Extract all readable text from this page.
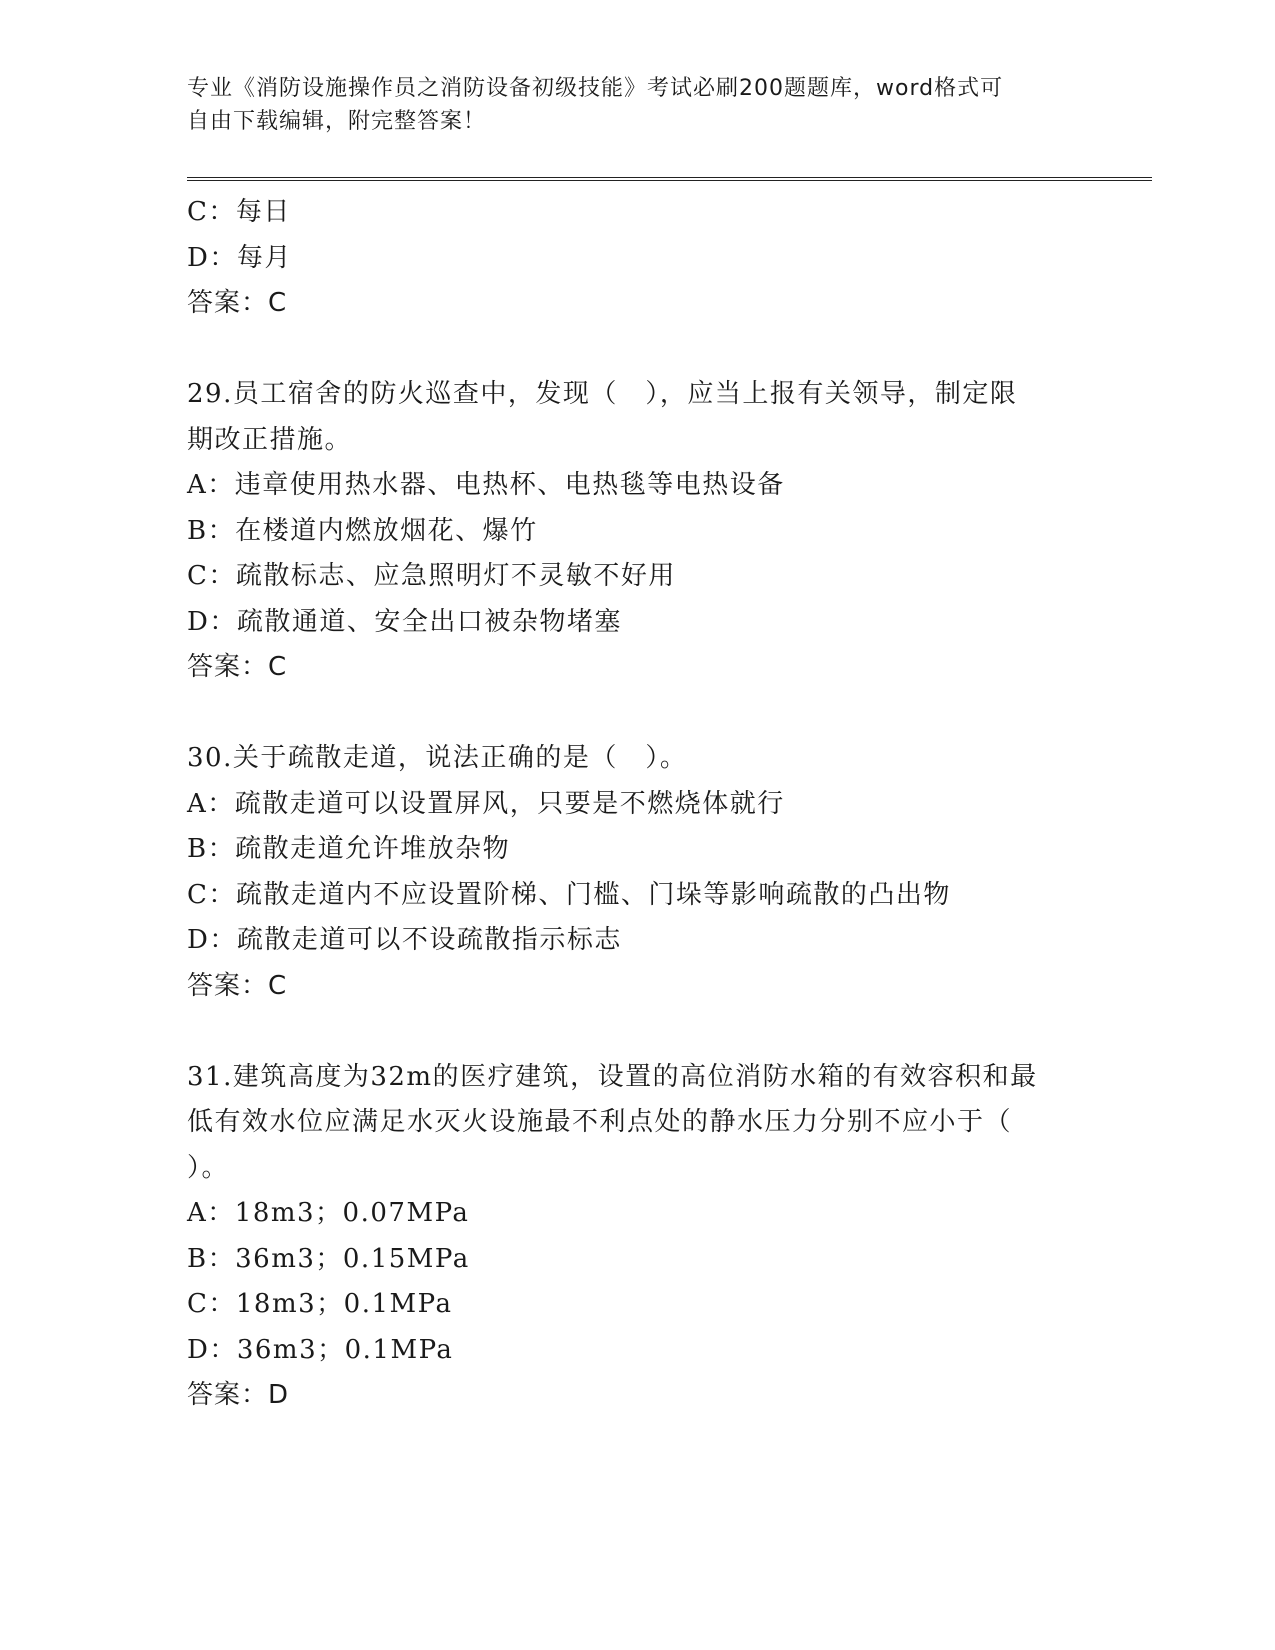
专业《消防设施操作员之消防设备初级技能》考试必刷200题题库，word格式可
自由下载编辑，附完整答案！
C：每日
D：每月
答案：C
29.员工宿舍的防火巡查中，发现（　），应当上报有关领导，制定限
期改正措施。
A：违章使用热水器、电热杯、电热毯等电热设备
B：在楼道内燃放烟花、爆竹
C：疏散标志、应急照明灯不灵敏不好用
D：疏散通道、安全出口被杂物堵塞
答案：C
30.关于疏散走道，说法正确的是（　）。
A：疏散走道可以设置屏风，只要是不燃烧体就行
B：疏散走道允许堆放杂物
C：疏散走道内不应设置阶梯、门槛、门垛等影响疏散的凸出物
D：疏散走道可以不设疏散指示标志
答案：C
31.建筑高度为32m的医疗建筑，设置的高位消防水箱的有效容积和最
低有效水位应满足水灭火设施最不利点处的静水压力分别不应小于（
）。
A：18m3；0.07MPa
B：36m3；0.15MPa
C：18m3；0.1MPa
D：36m3；0.1MPa
答案：D
